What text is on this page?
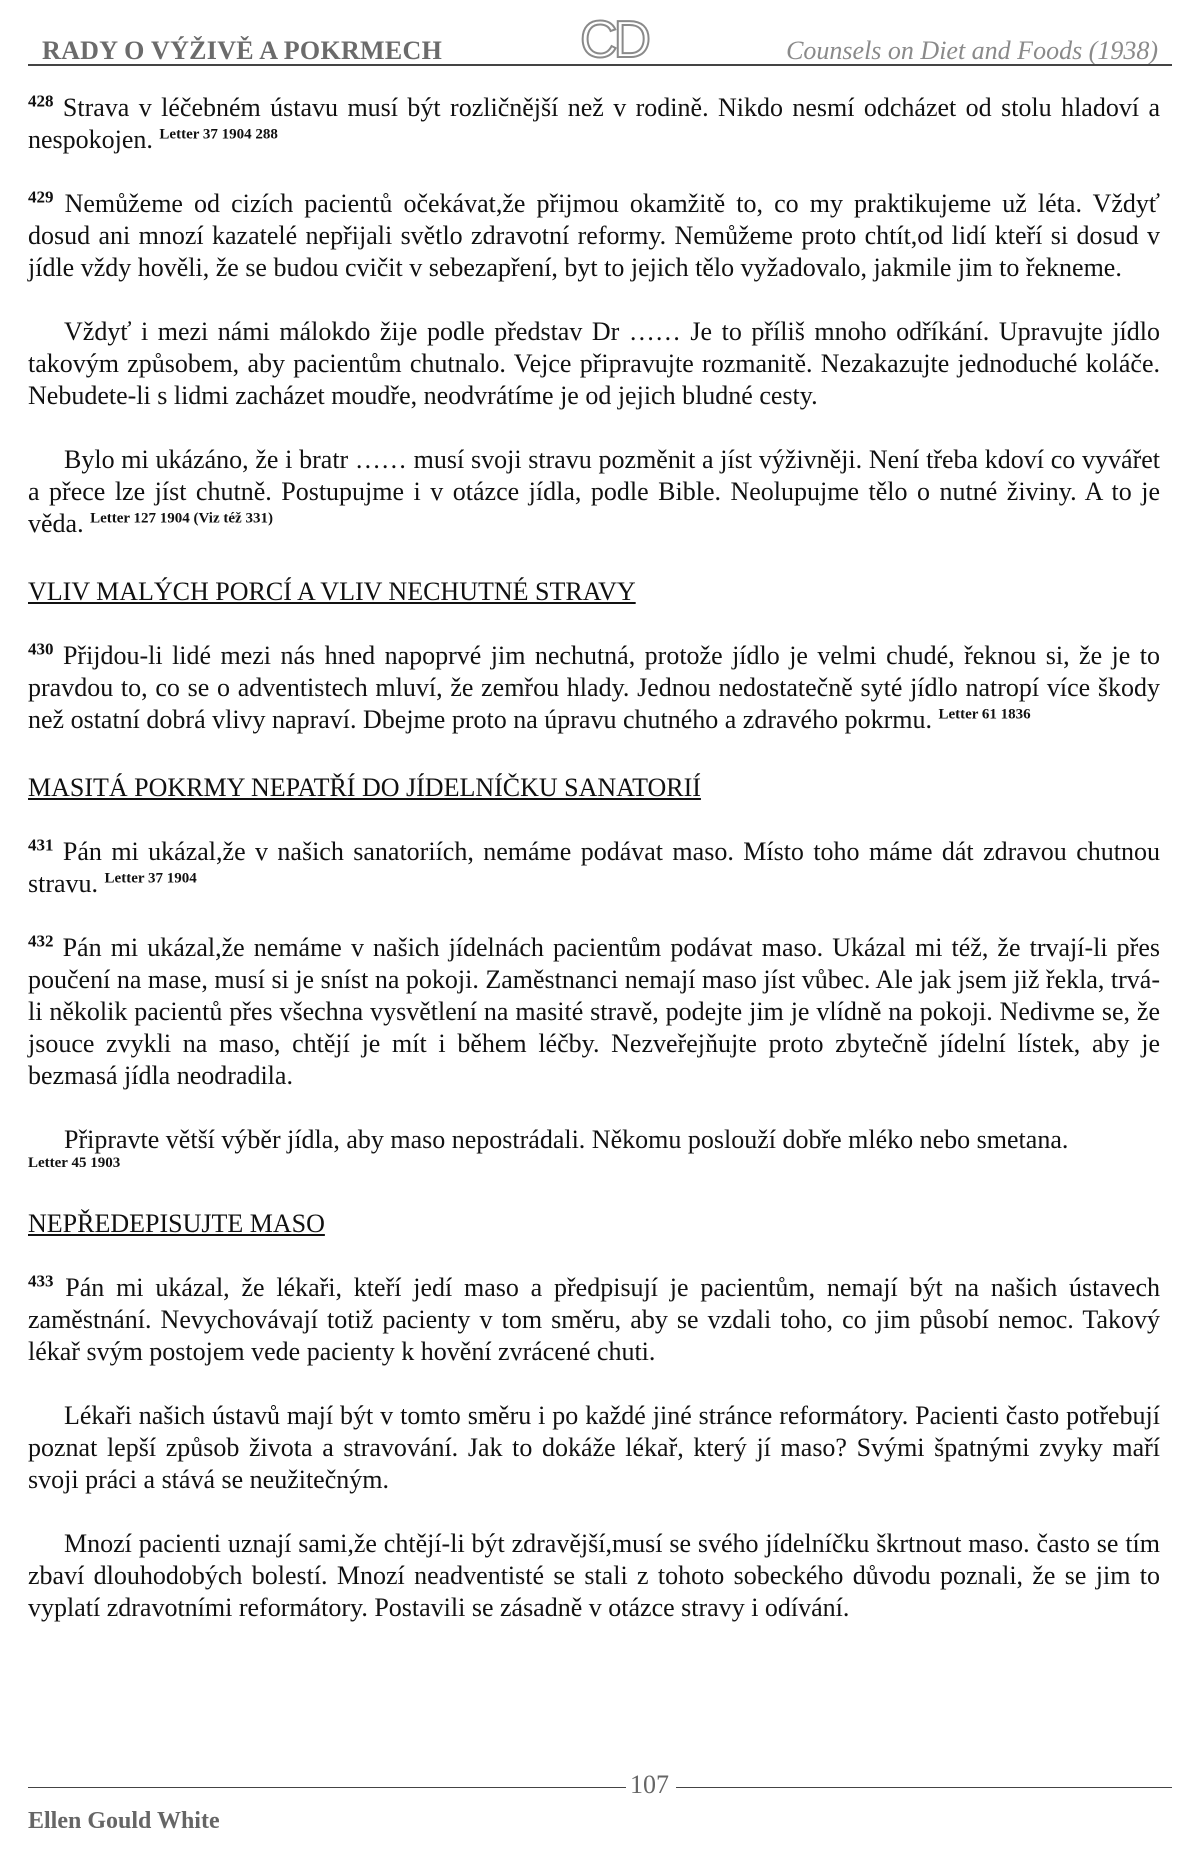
RADY O VÝŽIVĚ A POKRMECH	CD	Counsels on Diet and Foods (1938)

$^{428}$ Strava v léčebném ústavu musí být rozličnější než v rodině. Nikdo nesmí odcházet od stolu hladoví a nespokojen. $^{Letter 37 1904 288}$

$^{429}$ Nemůžeme od cizích pacientů očekávat,že přijmou okamžitě to, co my praktikujeme už léta. Vždyť dosud ani mnozí kazatelé nepřijali světlo zdravotní reformy. Nemůžeme proto chtít,od lidí kteří si dosud v jídle vždy hověli, že se budou cvičit v sebezapření, byt to jejich tělo vyžadovalo, jakmile jim to řekneme.

Vždyť i mezi námi málokdo žije podle představ Dr …… Je to příliš mnoho odříkání. Upravujte jídlo takovým způsobem, aby pacientům chutnalo. Vejce připravujte rozmanitě. Nezakazujte jednoduché koláče. Nebudete-li s lidmi zacházet moudře, neodvrátíme je od jejich bludné cesty.

Bylo mi ukázáno, že i bratr …… musí svoji stravu pozměnit a jíst výživněji. Není třeba kdoví co vyvářet a přece lze jíst chutně. Postupujme i v otázce jídla, podle Bible. Neolupujme tělo o nutné živiny. A to je věda. $^{Letter 127 1904 (Viz též 331)}$

VLIV MALÝCH PORCÍ A VLIV NECHUTNÉ STRAVY

$^{430}$ Přijdou-li lidé mezi nás hned napoprvé jim nechutná, protože jídlo je velmi chudé, řeknou si, že je to pravdou to, co se o adventistech mluví, že zemřou hlady. Jednou nedostatečně syté jídlo natropí více škody než ostatní dobrá vlivy napraví. Dbejme proto na úpravu chutného a zdravého pokrmu. $^{Letter 61 1836}$

MASITÁ POKRMY NEPATŘÍ DO JÍDELNÍČKU SANATORIÍ

$^{431}$ Pán mi ukázal,že v našich sanatoriích, nemáme podávat maso. Místo toho máme dát zdravou chutnou stravu. $^{Letter 37 1904}$

$^{432}$ Pán mi ukázal,že nemáme v našich jídelnách pacientům podávat maso. Ukázal mi též, že trvají-li přes poučení na mase, musí si je sníst na pokoji. Zaměstnanci nemají maso jíst vůbec. Ale jak jsem již řekla, trvá-li několik pacientů přes všechna vysvětlení na masité stravě, podejte jim je vlídně na pokoji. Nedivme se, že jsouce zvykli na maso, chtějí je mít i během léčby. Nezveřejňujte proto zbytečně jídelní lístek, aby je bezmasá jídla neodradila.

Připravte větší výběr jídla, aby maso nepostrádali. Někomu poslouží dobře mléko nebo smetana.

Letter 45 1903

NEPŘEDEPISUJTE MASO

$^{433}$ Pán mi ukázal, že lékaři, kteří jedí maso a předpisují je pacientům, nemají být na našich ústavech zaměstnání. Nevychovávají totiž pacienty v tom směru, aby se vzdali toho, co jim působí nemoc. Takový lékař svým postojem vede pacienty k hovění zvrácené chuti.

Lékaři našich ústavů mají být v tomto směru i po každé jiné stránce reformátory. Pacienti často potřebují poznat lepší způsob života a stravování. Jak to dokáže lékař, který jí maso? Svými špatnými zvyky maří svoji práci a stává se neužitečným.

Mnozí pacienti uznají sami,že chtějí-li být zdravější,musí se svého jídelníčku škrtnout maso. často se tím zbaví dlouhodobých bolestí. Mnozí neadventisté se stali z tohoto sobeckého důvodu poznali, že se jim to vyplatí zdravotními reformátory. Postavili se zásadně v otázce stravy i odívání.

107
Ellen Gould White
